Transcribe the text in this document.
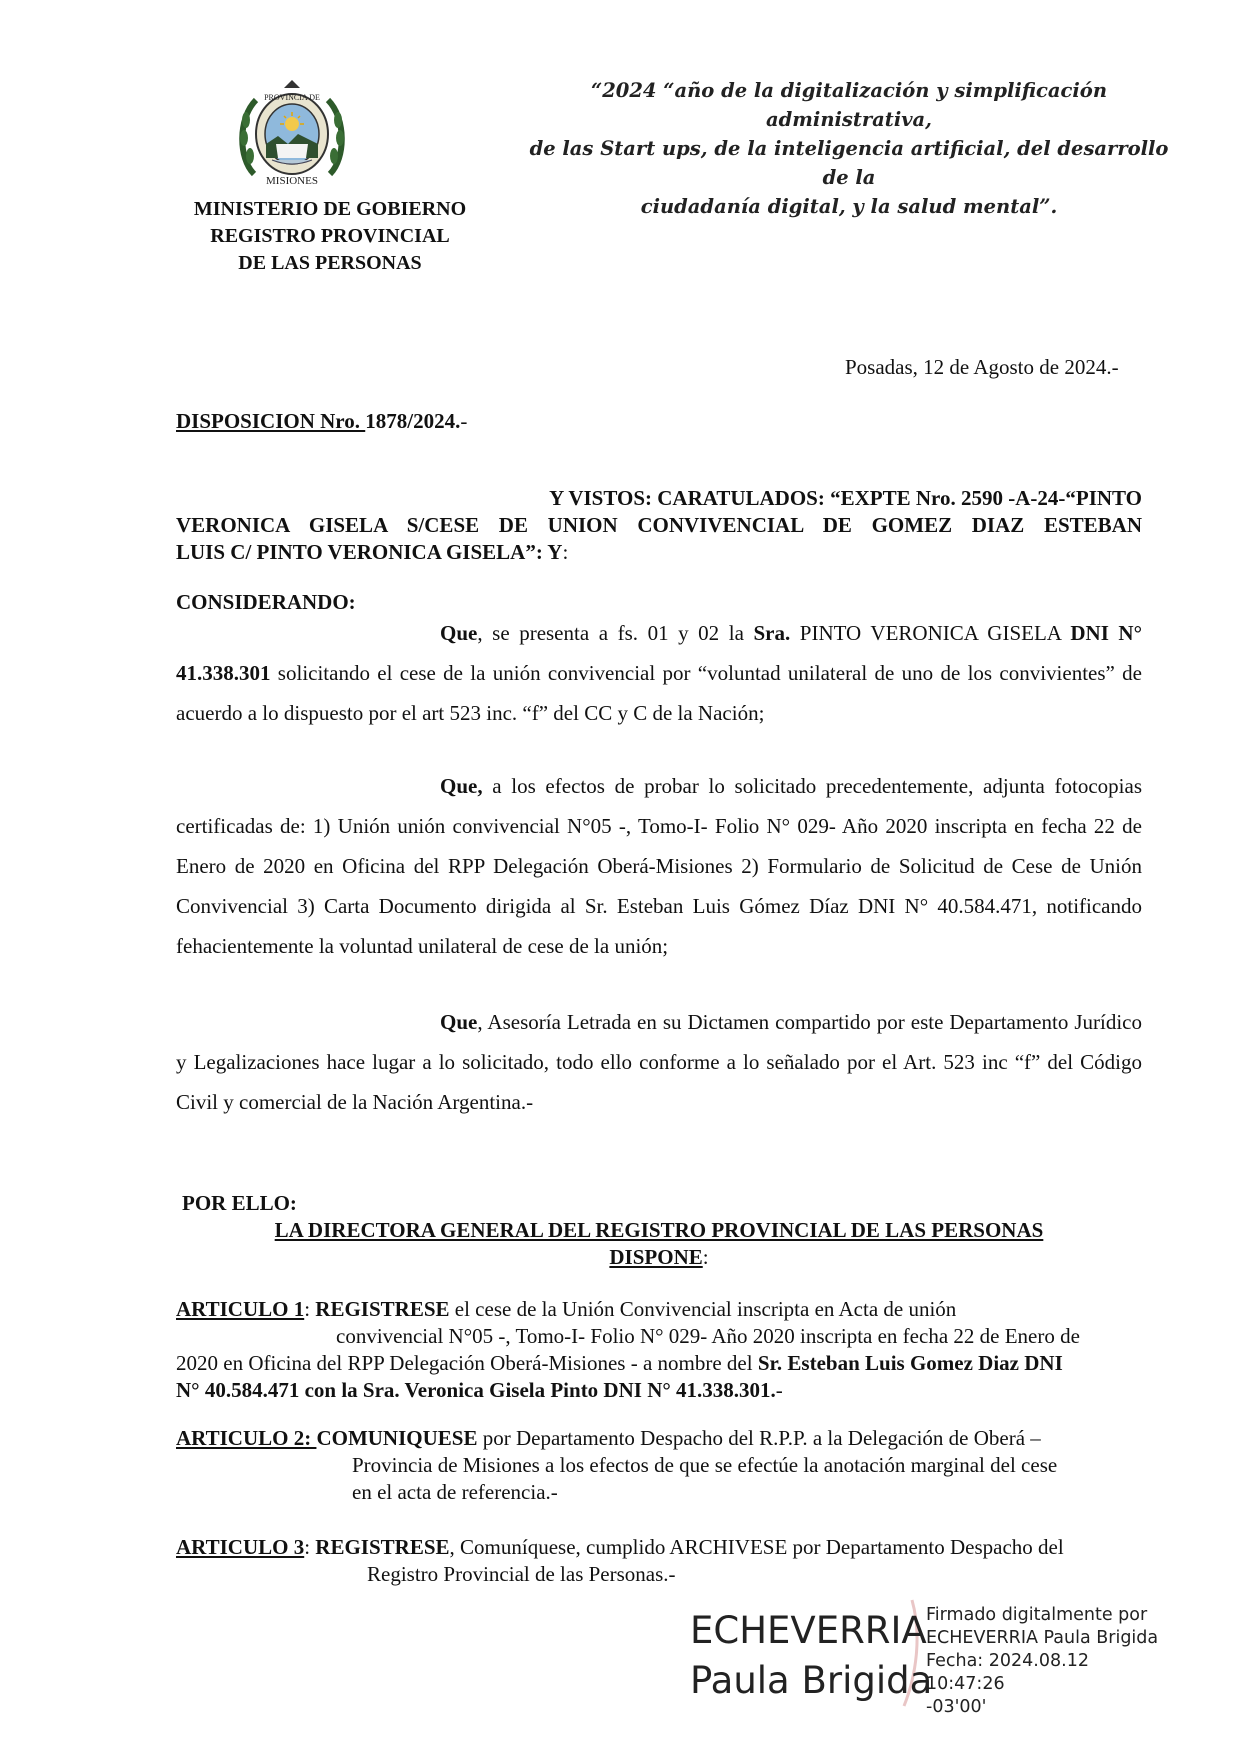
PROVINCIA DE
MISIONES
“2024 “año de la digitalización y simplificación administrativa,
de las Start ups, de la inteligencia artificial, del desarrollo de la
ciudadanía digital, y la salud mental”.
MINISTERIO DE GOBIERNO
REGISTRO PROVINCIAL
DE LAS PERSONAS
Posadas, 12 de Agosto de 2024.-
DISPOSICION Nro. 1878/2024.-
Y VISTOS: CARATULADOS: “EXPTE Nro. 2590 -A-24-“PINTO
VERONICA GISELA S/CESE DE UNION CONVIVENCIAL DE GOMEZ DIAZ ESTEBAN
LUIS C/ PINTO VERONICA GISELA”: Y:
CONSIDERANDO:

Que, se presenta a fs. 01 y 02 la Sra. PINTO VERONICA GISELA DNI N° 41.338.301 solicitando el cese de la unión convivencial por “voluntad unilateral de uno de los convivientes” de acuerdo a lo dispuesto por el art 523 inc. “f” del CC y C de la Nación;

Que, a los efectos de probar lo solicitado precedentemente, adjunta fotocopias certificadas de: 1) Unión unión convivencial N°05 -, Tomo-I- Folio N° 029- Año 2020 inscripta en fecha 22 de Enero de 2020 en Oficina del RPP Delegación Oberá-Misiones 2) Formulario de Solicitud de Cese de Unión Convivencial 3) Carta Documento dirigida al Sr. Esteban Luis Gómez Díaz DNI N° 40.584.471, notificando fehacientemente la voluntad unilateral de cese de la unión;

Que, Asesoría Letrada en su Dictamen compartido por este Departamento Jurídico y Legalizaciones hace lugar a lo solicitado, todo ello conforme a lo señalado por el Art. 523 inc “f” del Código Civil y comercial de la Nación Argentina.-

POR ELLO:
LA DIRECTORA GENERAL DEL REGISTRO PROVINCIAL DE LAS PERSONAS
DISPONE:
ARTICULO 1: REGISTRESE el cese de la Unión Convivencial inscripta en Acta de unión
convivencial N°05 -, Tomo-I- Folio N° 029- Año 2020 inscripta en fecha 22 de Enero de
2020 en Oficina del RPP Delegación Oberá-Misiones - a nombre del Sr. Esteban Luis Gomez Diaz DNI
N° 40.584.471 con la Sra. Veronica Gisela Pinto DNI N° 41.338.301.-
ARTICULO 2: COMUNIQUESE por Departamento Despacho del R.P.P. a la Delegación de Oberá –
Provincia de Misiones a los efectos de que se efectúe la anotación marginal del cese
en el acta de referencia.-
ARTICULO 3: REGISTRESE, Comuníquese, cumplido ARCHIVESE por Departamento Despacho del
Registro Provincial de las Personas.-
ECHEVERRIA
Paula Brigida
Firmado digitalmente por
ECHEVERRIA Paula Brigida
Fecha: 2024.08.12 10:47:26
-03'00'
